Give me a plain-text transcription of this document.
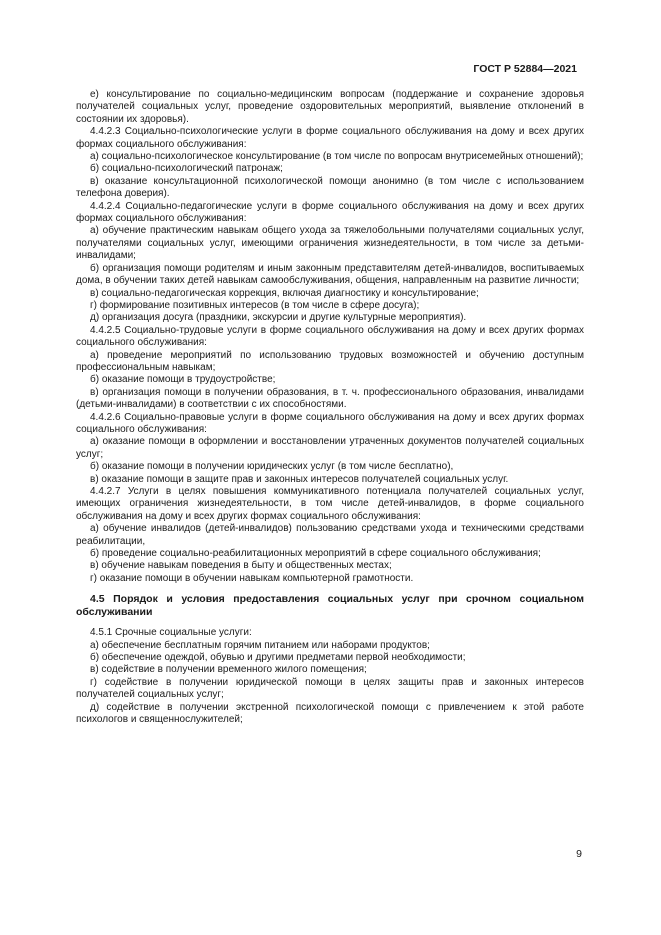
ГОСТ Р 52884—2021

е) консультирование по социально-медицинским вопросам (поддержание и сохранение здоровья получателей социальных услуг, проведение оздоровительных мероприятий, выявление отклонений в состоянии их здоровья).

4.4.2.3 Социально-психологические услуги в форме социального обслуживания на дому и всех других формах социального обслуживания:

а) социально-психологическое консультирование (в том числе по вопросам внутрисемейных отношений);

б) социально-психологический патронаж;

в) оказание консультационной психологической помощи анонимно (в том числе с использованием телефона доверия).

4.4.2.4 Социально-педагогические услуги в форме социального обслуживания на дому и всех других формах социального обслуживания:

а) обучение практическим навыкам общего ухода за тяжелобольными получателями социальных услуг, получателями социальных услуг, имеющими ограничения жизнедеятельности, в том числе за детьми-инвалидами;

б) организация помощи родителям и иным законным представителям детей-инвалидов, воспитываемых дома, в обучении таких детей навыкам самообслуживания, общения, направленным на развитие личности;

в) социально-педагогическая коррекция, включая диагностику и консультирование;

г) формирование позитивных интересов (в том числе в сфере досуга);

д) организация досуга (праздники, экскурсии и другие культурные мероприятия).

4.4.2.5 Социально-трудовые услуги в форме социального обслуживания на дому и всех других формах социального обслуживания:

а) проведение мероприятий по использованию трудовых возможностей и обучению доступным профессиональным навыкам;

б) оказание помощи в трудоустройстве;

в) организация помощи в получении образования, в т. ч. профессионального образования, инвалидами (детьми-инвалидами) в соответствии с их способностями.

4.4.2.6 Социально-правовые услуги в форме социального обслуживания на дому и всех других формах социального обслуживания:

а) оказание помощи в оформлении и восстановлении утраченных документов получателей социальных услуг;

б) оказание помощи в получении юридических услуг (в том числе бесплатно),

в) оказание помощи в защите прав и законных интересов получателей социальных услуг.

4.4.2.7 Услуги в целях повышения коммуникативного потенциала получателей социальных услуг, имеющих ограничения жизнедеятельности, в том числе детей-инвалидов, в форме социального обслуживания на дому и всех других формах социального обслуживания:

а) обучение инвалидов (детей-инвалидов) пользованию средствами ухода и техническими средствами реабилитации,

б) проведение социально-реабилитационных мероприятий в сфере социального обслуживания;

в) обучение навыкам поведения в быту и общественных местах;

г) оказание помощи в обучении навыкам компьютерной грамотности.

4.5 Порядок и условия предоставления социальных услуг при срочном социальном обслуживании

4.5.1 Срочные социальные услуги:

а) обеспечение бесплатным горячим питанием или наборами продуктов;

б) обеспечение одеждой, обувью и другими предметами первой необходимости;

в) содействие в получении временного жилого помещения;

г) содействие в получении юридической помощи в целях защиты прав и законных интересов получателей социальных услуг;

д) содействие в получении экстренной психологической помощи с привлечением к этой работе психологов и священнослужителей;

9
